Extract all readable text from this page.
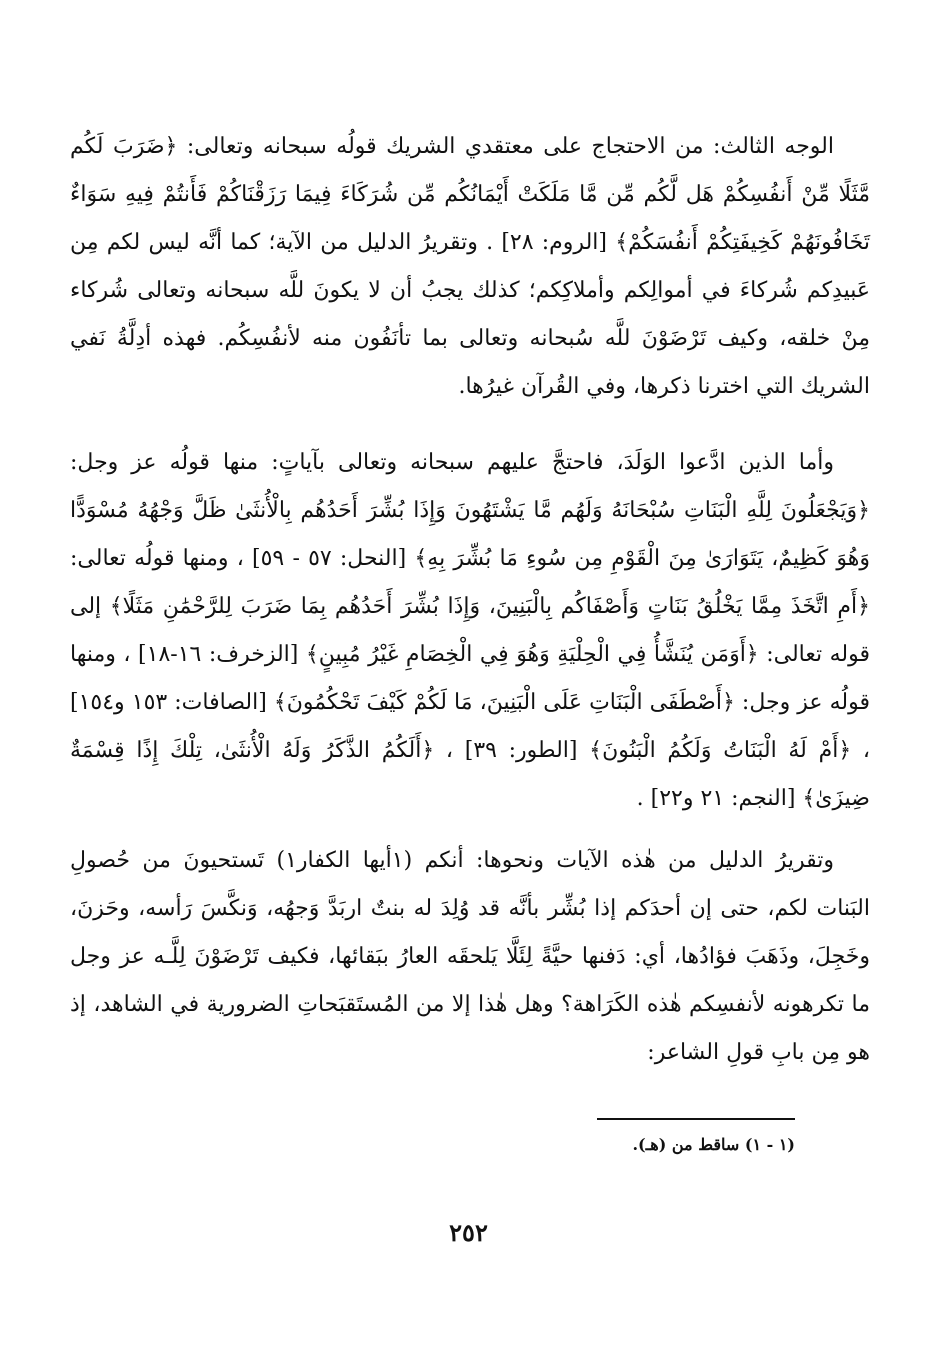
الوجه الثالث: من الاحتجاج على معتقدي الشريك قولُه سبحانه وتعالى: ﴿ضَرَبَ لَكُم مَّثَلًا مِّنْ أَنفُسِكُمْ هَل لَّكُم مِّن مَّا مَلَكَتْ أَيْمَانُكُم مِّن شُرَكَاءَ فِيمَا رَزَقْنَاكُمْ فَأَنتُمْ فِيهِ سَوَاءٌ تَخَافُونَهُمْ كَخِيفَتِكُمْ أَنفُسَكُمْ﴾ [الروم: ٢٨] . وتقريرُ الدليل من الآية؛ كما أنَّه ليس لكم مِن عَبيدِكم شُركاءَ في أموالِكم وأملاكِكم؛ كذلك يجبُ أن لا يكونَ للَّه سبحانه وتعالى شُركاء مِنْ خلقه، وكيف تَرْضَوْنَ للَّه سُبحانه وتعالى بما تأنَفُون منه لأنفُسِكُم. فهذه أدِلَّةُ نَفي الشريك التي اخترنا ذكرها، وفي القُرآن غيرُها.

وأما الذين ادَّعوا الوَلَدَ، فاحتجَّ عليهم سبحانه وتعالى بآياتٍ: منها قولُه عز وجل: ﴿وَيَجْعَلُونَ لِلَّهِ الْبَنَاتِ سُبْحَانَهُ وَلَهُم مَّا يَشْتَهُونَ وَإِذَا بُشِّرَ أَحَدُهُم بِالْأُنثَىٰ ظَلَّ وَجْهُهُ مُسْوَدًّا وَهُوَ كَظِيمٌ، يَتَوَارَىٰ مِنَ الْقَوْمِ مِن سُوءِ مَا بُشِّرَ بِهِ﴾ [النحل: ٥٧ - ٥٩] ، ومنها قولُه تعالى: ﴿أَمِ اتَّخَذَ مِمَّا يَخْلُقُ بَنَاتٍ وَأَصْفَاكُم بِالْبَنِينَ، وَإِذَا بُشِّرَ أَحَدُهُم بِمَا ضَرَبَ لِلرَّحْمَٰنِ مَثَلًا﴾ إلى قوله تعالى: ﴿أَوَمَن يُنَشَّأُ فِي الْحِلْيَةِ وَهُوَ فِي الْخِصَامِ غَيْرُ مُبِينٍ﴾ [الزخرف: ١٦-١٨] ، ومنها قولُه عز وجل: ﴿أَصْطَفَى الْبَنَاتِ عَلَى الْبَنِينَ، مَا لَكُمْ كَيْفَ تَحْكُمُونَ﴾ [الصافات: ١٥٣ و١٥٤] ، ﴿أَمْ لَهُ الْبَنَاتُ وَلَكُمُ الْبَنُونَ﴾ [الطور: ٣٩] ، ﴿أَلَكُمُ الذَّكَرُ وَلَهُ الْأُنثَىٰ، تِلْكَ إِذًا قِسْمَةٌ ضِيزَىٰ﴾ [النجم: ٢١ و٢٢] .

وتقريرُ الدليل من هٰذه الآيات ونحوها: أنكم (١أيها الكفار١) تَستحيونَ من حُصولِ البَنات لكم، حتى إن أحدَكم إذا بُشِّر بأنَّه قد وُلِدَ له بنتٌ اربَدَّ وَجهُه، وَنكَّسَ رَأسه، وحَزنَ، وخَجِلَ، وذَهَبَ فؤادُها، أي: دَفنها حيَّةً لِئَلَّا يَلحقَه العارُ ببَقائها، فكيف تَرْضَوْنَ لِلَّـه عز وجل ما تكرهونه لأنفسِكم هٰذه الكَرَاهة؟ وهل هٰذا إلا من المُستَقبَحاتِ الضرورية في الشاهد، إذ هو مِن بابِ قولِ الشاعر:

(١ - ١) ساقط من (هـ).

٢٥٢
